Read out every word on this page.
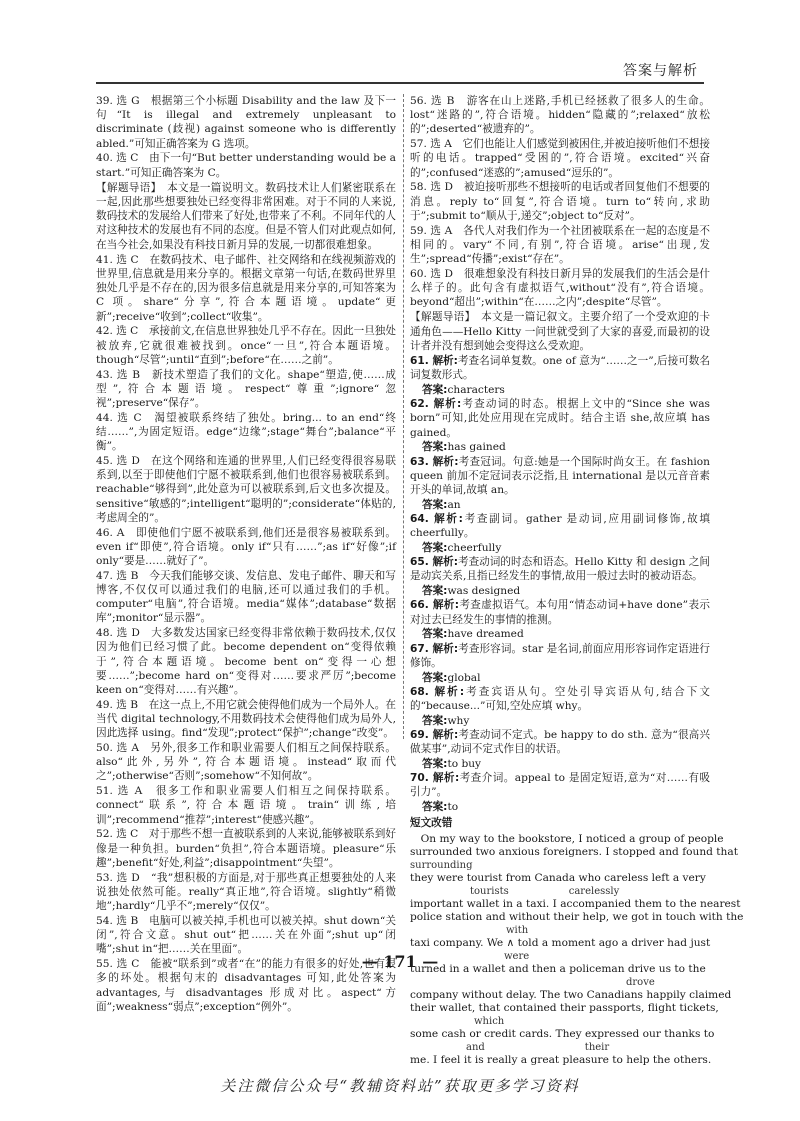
答案与解析

39. 选 G　根据第三个小标题 Disability and the law 及下一句“It is illegal and extremely unpleasant to discriminate (歧视) against someone who is differently abled.”可知正确答案为 G 选项。

40. 选 C　由下一句“But better understanding would be a start.”可知正确答案为 C。

【解题导语】　本文是一篇说明文。数码技术让人们紧密联系在一起,因此那些想要独处已经变得非常困难。对于不同的人来说,数码技术的发展给人们带来了好处,也带来了不利。不同年代的人对这种技术的发展也有不同的态度。但是不管人们对此观点如何,在当今社会,如果没有科技日新月异的发展,一切都很难想象。

41. 选 C　在数码技术、电子邮件、社交网络和在线视频游戏的世界里,信息就是用来分享的。根据文章第一句话,在数码世界里独处几乎是不存在的,因为很多信息就是用来分享的,可知答案为 C 项。share“分享”,符合本题语境。update“更新”;receive“收到”;collect“收集”。

42. 选 C　承接前文,在信息世界独处几乎不存在。因此一旦独处被放弃,它就很难被找到。once“一旦”,符合本题语境。though“尽管”;until“直到”;before“在……之前”。

43. 选 B　新技术塑造了我们的文化。shape“塑造,使……成型”,符合本题语境。respect“尊重”;ignore“忽视”;preserve“保存”。

44. 选 C　渴望被联系终结了独处。bring... to an end“终结……”,为固定短语。edge“边缘”;stage“舞台”;balance“平衡”。

45. 选 D　在这个网络和连通的世界里,人们已经变得很容易联系到,以至于即使他们宁愿不被联系到,他们也很容易被联系到。reachable“够得到”,此处意为可以被联系到,后文也多次提及。sensitive“敏感的”;intelligent“聪明的”;considerate“体贴的,考虑周全的”。

46. A　即使他们宁愿不被联系到,他们还是很容易被联系到。even if“即使”,符合语境。only if“只有……”;as if“好像”;if only“要是……就好了”。

47. 选 B　今天我们能够交谈、发信息、发电子邮件、聊天和写博客,不仅仅可以通过我们的电脑,还可以通过我们的手机。computer“电脑”,符合语境。media“媒体”;database“数据库”;monitor“显示器”。

48. 选 D　大多数发达国家已经变得非常依赖于数码技术,仅仅因为他们已经习惯了此。become dependent on“变得依赖于”,符合本题语境。become bent on“变得一心想要……”;become hard on“变得对……要求严厉”;become keen on“变得对……有兴趣”。

49. 选 B　在这一点上,不用它就会使得他们成为一个局外人。在当代 digital technology,不用数码技术会使得他们成为局外人,因此选择 using。find“发现”;protect“保护”;change“改变”。

50. 选 A　另外,很多工作和职业需要人们相互之间保持联系。also“此外,另外”,符合本题语境。instead“取而代之”;otherwise“否则”;somehow“不知何故”。

51. 选 A　很多工作和职业需要人们相互之间保持联系。connect“联系”,符合本题语境。train“训练,培训”;recommend“推荐”;interest“使感兴趣”。

52. 选 C　对于那些不想一直被联系到的人来说,能够被联系到好像是一种负担。burden“负担”,符合本题语境。pleasure“乐趣”;benefit“好处,利益”;disappointment“失望”。

53. 选 D　“我”想积极的方面是,对于那些真正想要独处的人来说独处依然可能。really“真正地”,符合语境。slightly“稍微地”;hardly“几乎不”;merely“仅仅”。

54. 选 B　电脑可以被关掉,手机也可以被关掉。shut down“关闭”,符合文意。shut out“把……关在外面”;shut up“闭嘴”;shut in“把……关在里面”。

55. 选 C　能被“联系到”或者“在”的能力有很多的好处,也有很多的坏处。根据句末的 disadvantages 可知,此处答案为 advantages,与 disadvantages 形成对比。aspect“方面”;weakness“弱点”;exception“例外”。

56. 选 B　游客在山上迷路,手机已经拯救了很多人的生命。lost“迷路的”,符合语境。hidden“隐藏的”;relaxed“放松的”;deserted“被遗弃的”。

57. 选 A　它们也能让人们感觉到被困住,并被迫接听他们不想接听的电话。trapped“受困的”,符合语境。excited“兴奋的”;confused“迷惑的”;amused“逗乐的”。

58. 选 D　被迫接听那些不想接听的电话或者回复他们不想要的消息。reply to“回复”,符合语境。turn to“转向,求助于”;submit to“顺从于,递交”;object to“反对”。

59. 选 A　各代人对我们作为一个社团被联系在一起的态度是不相同的。vary“不同,有别”,符合语境。arise“出现,发生”;spread“传播”;exist“存在”。

60. 选 D　很难想象没有科技日新月异的发展我们的生活会是什么样子的。此句含有虚拟语气,without“没有”,符合语境。beyond“超出”;within“在……之内”;despite“尽管”。

【解题导语】　本文是一篇记叙文。主要介绍了一个受欢迎的卡通角色——Hello Kitty 一问世就受到了大家的喜爱,而最初的设计者并没有想到她会变得这么受欢迎。

61. 解析:考查名词单复数。one of 意为“……之一”,后接可数名词复数形式。

答案:characters

62. 解析:考查动词的时态。根据上文中的“Since she was born”可知,此处应用现在完成时。结合主语 she,故应填 has gained。

答案:has gained

63. 解析:考查冠词。句意:她是一个国际时尚女王。在 fashion queen 前加不定冠词表示泛指,且 international 是以元音音素开头的单词,故填 an。

答案:an

64. 解析:考查副词。gather 是动词,应用副词修饰,故填 cheerfully。

答案:cheerfully

65. 解析:考查动词的时态和语态。Hello Kitty 和 design 之间是动宾关系,且指已经发生的事情,故用一般过去时的被动语态。

答案:was designed

66. 解析:考查虚拟语气。本句用“情态动词+have done”表示对过去已经发生的事情的推测。

答案:have dreamed

67. 解析:考查形容词。star 是名词,前面应用形容词作定语进行修饰。

答案:global

68. 解析:考查宾语从句。空处引导宾语从句,结合下文的“because...”可知,空处应填 why。

答案:why

69. 解析:考查动词不定式。be happy to do sth. 意为“很高兴做某事”,动词不定式作目的状语。

答案:to buy

70. 解析:考查介词。appeal to 是固定短语,意为“对……有吸引力”。

答案:to
短文改错
　On my way to the bookstore, I noticed a group of people
surrounded two anxious foreigners. I stopped and found that
surrounding
they were tourist from Canada who careless left a very
tourists　　　　　　carelessly
important wallet in a taxi. I accompanied them to the nearest
police station and without their help, we got in touch with the
with
taxi company. We ∧ told a moment ago a driver had just
were
turned in a wallet and then a policeman drive us to the
drove
company without delay. The two Canadians happily claimed
their wallet, that contained their passports, flight tickets,
which
some cash or credit cards. They expressed our thanks to
and　　　　　　　　　　their
me. I feel it is really a great pleasure to help the others.
— 171 —
关注微信公众号“教辅资料站”获取更多学习资料
